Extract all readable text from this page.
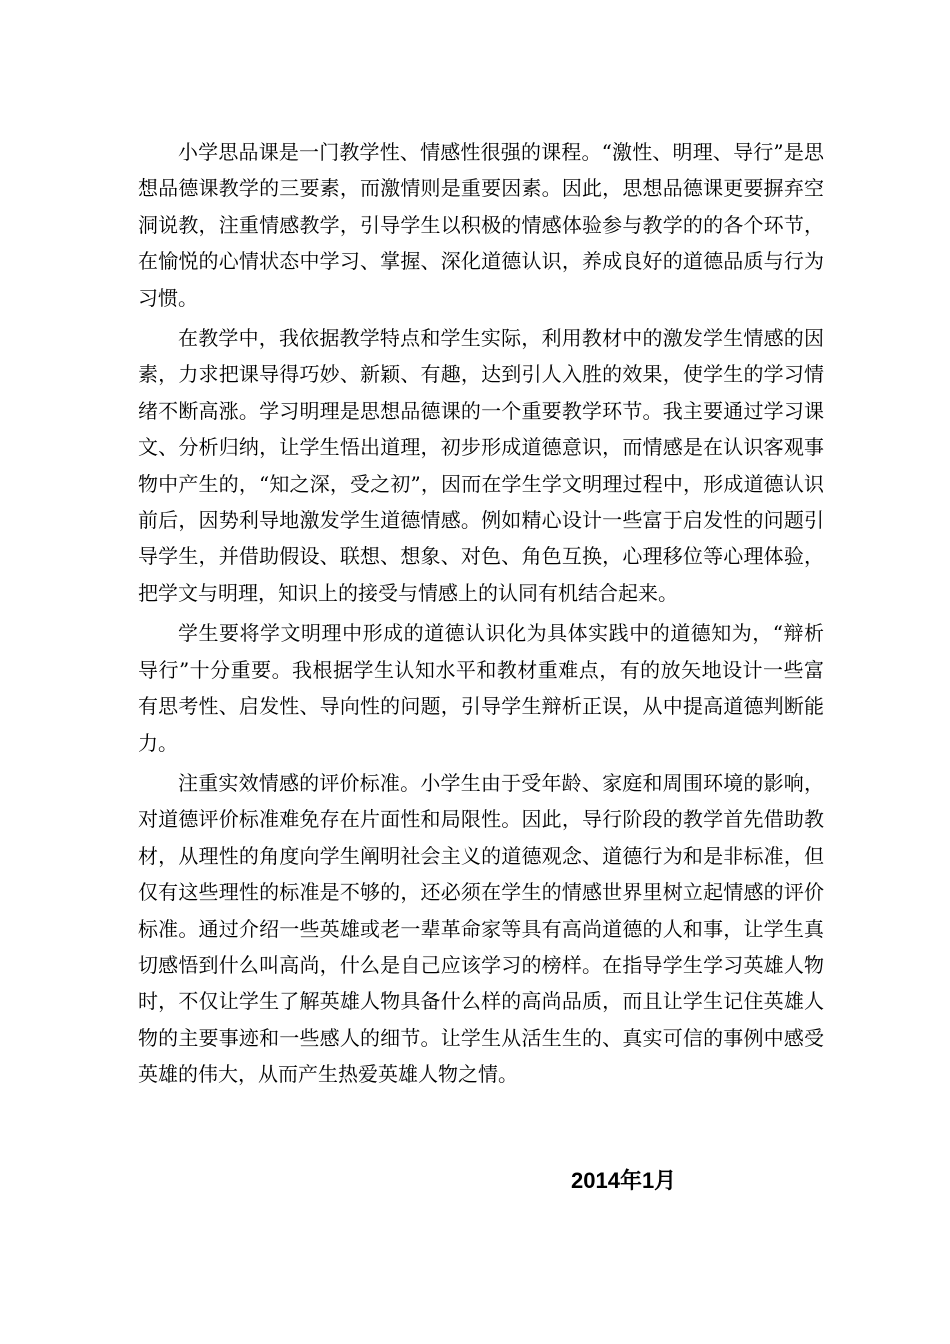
小学思品课是一门教学性、情感性很强的课程。“激性、明理、导行”是思想品德课教学的三要素，而激情则是重要因素。因此，思想品德课更要摒弃空洞说教，注重情感教学，引导学生以积极的情感体验参与教学的的各个环节，在愉悦的心情状态中学习、掌握、深化道德认识，养成良好的道德品质与行为习惯。

在教学中，我依据教学特点和学生实际，利用教材中的激发学生情感的因素，力求把课导得巧妙、新颖、有趣，达到引人入胜的效果，使学生的学习情绪不断高涨。学习明理是思想品德课的一个重要教学环节。我主要通过学习课文、分析归纳，让学生悟出道理，初步形成道德意识，而情感是在认识客观事物中产生的，“知之深，受之初”，因而在学生学文明理过程中，形成道德认识前后，因势利导地激发学生道德情感。例如精心设计一些富于启发性的问题引导学生，并借助假设、联想、想象、对色、角色互换，心理移位等心理体验，把学文与明理，知识上的接受与情感上的认同有机结合起来。

学生要将学文明理中形成的道德认识化为具体实践中的道德知为，“辩析导行”十分重要。我根据学生认知水平和教材重难点，有的放矢地设计一些富有思考性、启发性、导向性的问题，引导学生辩析正误，从中提高道德判断能力。

注重实效情感的评价标准。小学生由于受年龄、家庭和周围环境的影响，对道德评价标准难免存在片面性和局限性。因此，导行阶段的教学首先借助教材，从理性的角度向学生阐明社会主义的道德观念、道德行为和是非标准，但仅有这些理性的标准是不够的，还必须在学生的情感世界里树立起情感的评价标准。通过介绍一些英雄或老一辈革命家等具有高尚道德的人和事，让学生真切感悟到什么叫高尚，什么是自己应该学习的榜样。在指导学生学习英雄人物时，不仅让学生了解英雄人物具备什么样的高尚品质，而且让学生记住英雄人物的主要事迹和一些感人的细节。让学生从活生生的、真实可信的事例中感受英雄的伟大，从而产生热爱英雄人物之情。

2014年1月
